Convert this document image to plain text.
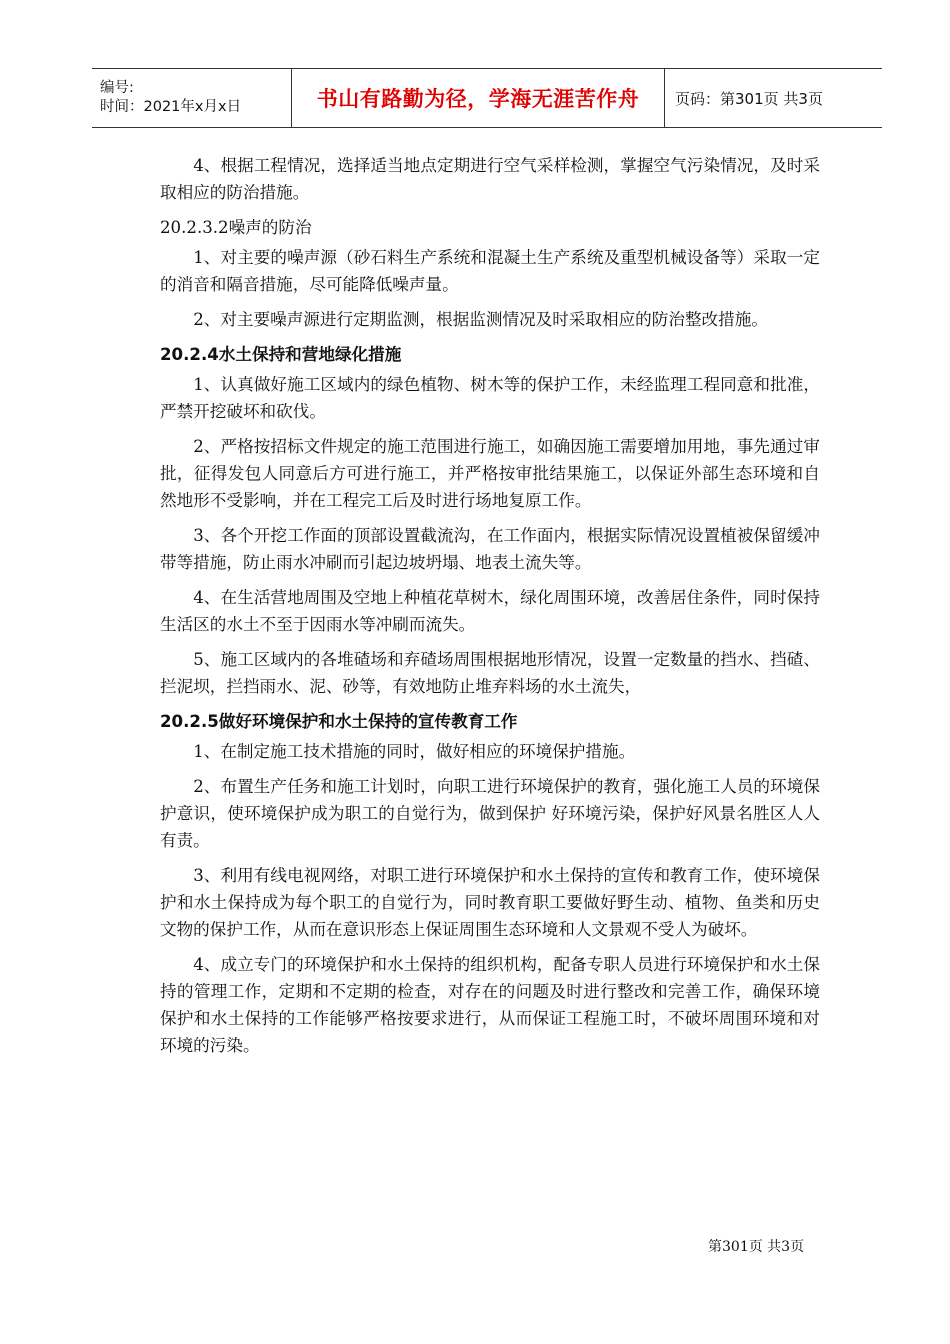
编号:
时间：2021年x月x日	书山有路勤为径，学海无涯苦作舟 页码：第301页 共3页

4、根据工程情况，选择适当地点定期进行空气采样检测，掌握空气污染情况，及时采取相应的防治措施。

20.2.3.2噪声的防治

1、对主要的噪声源（砂石料生产系统和混凝土生产系统及重型机械设备等）采取一定的消音和隔音措施，尽可能降低噪声量。

2、对主要噪声源进行定期监测，根据监测情况及时采取相应的防治整改措施。

20.2.4水土保持和营地绿化措施

1、认真做好施工区域内的绿色植物、树木等的保护工作，未经监理工程同意和批准，严禁开挖破坏和砍伐。

2、严格按招标文件规定的施工范围进行施工，如确因施工需要增加用地，事先通过审批，征得发包人同意后方可进行施工，并严格按审批结果施工，以保证外部生态环境和自然地形不受影响，并在工程完工后及时进行场地复原工作。

3、各个开挖工作面的顶部设置截流沟，在工作面内，根据实际情况设置植被保留缓冲带等措施，防止雨水冲刷而引起边坡坍塌、地表土流失等。

4、在生活营地周围及空地上种植花草树木，绿化周围环境，改善居住条件，同时保持生活区的水土不至于因雨水等冲刷而流失。

5、施工区域内的各堆碴场和弃碴场周围根据地形情况，设置一定数量的挡水、挡碴、拦泥坝，拦挡雨水、泥、砂等，有效地防止堆弃料场的水土流失，

20.2.5做好环境保护和水土保持的宣传教育工作

1、在制定施工技术措施的同时，做好相应的环境保护措施。

2、布置生产任务和施工计划时，向职工进行环境保护的教育，强化施工人员的环境保护意识，使环境保护成为职工的自觉行为，做到保护 好环境污染，保护好风景名胜区人人有责。

3、利用有线电视网络，对职工进行环境保护和水土保持的宣传和教育工作，使环境保护和水土保持成为每个职工的自觉行为，同时教育职工要做好野生动、植物、鱼类和历史文物的保护工作，从而在意识形态上保证周围生态环境和人文景观不受人为破坏。

4、成立专门的环境保护和水土保持的组织机构，配备专职人员进行环境保护和水土保持的管理工作，定期和不定期的检查，对存在的问题及时进行整改和完善工作，确保环境保护和水土保持的工作能够严格按要求进行，从而保证工程施工时，不破坏周围环境和对环境的污染。

第301页 共3页
